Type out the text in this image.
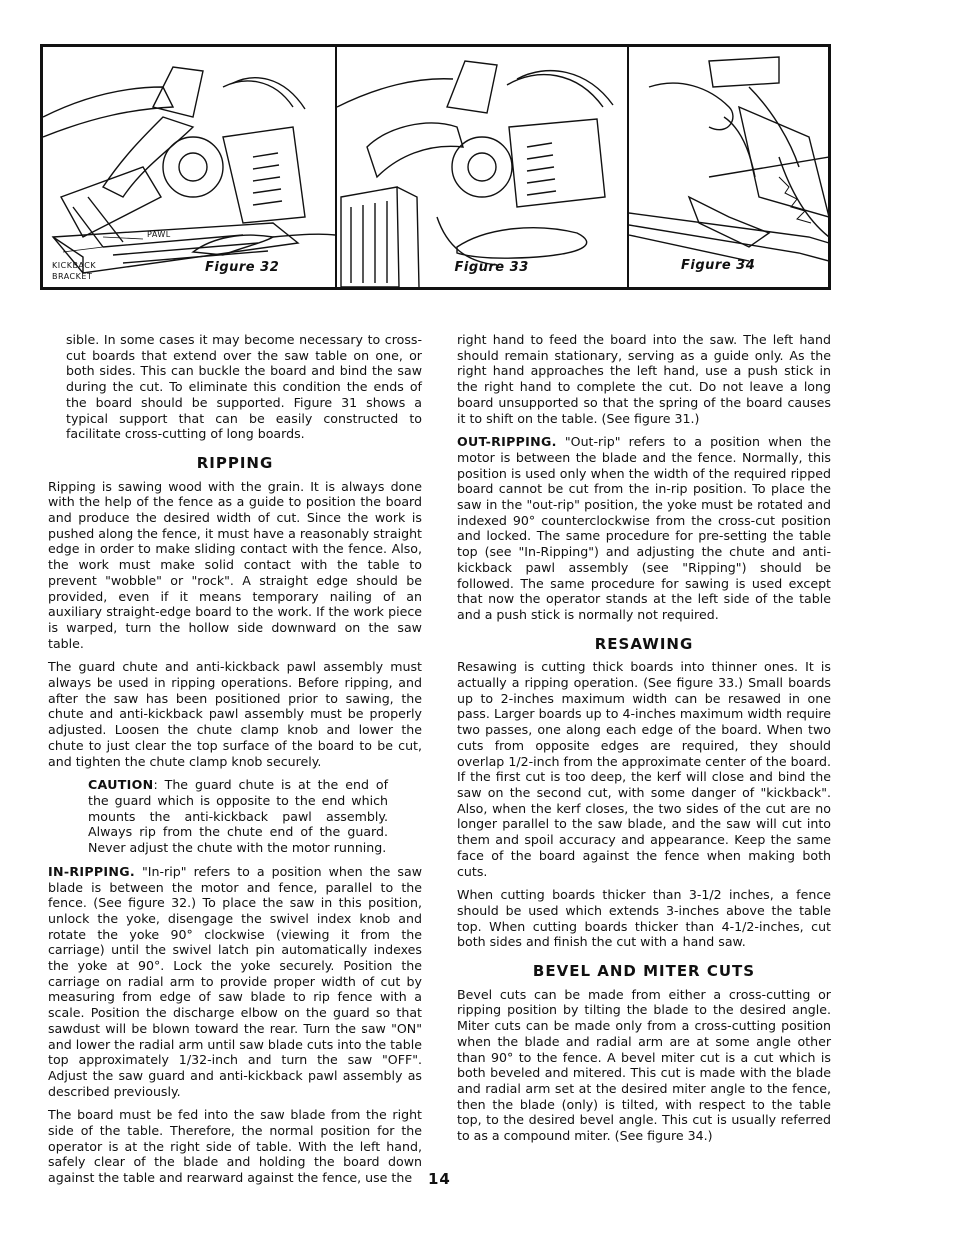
PAWL
KICKBACK
BRACKET
Figure 32	Figure 33	Figure 34

sible. In some cases it may become necessary to cross-cut boards that extend over the saw table on one, or both sides. This can buckle the board and bind the saw during the cut. To eliminate this condition the ends of the board should be supported. Figure 31 shows a typical support that can be easily constructed to facilitate cross-cutting of long boards.

RIPPING

Ripping is sawing wood with the grain. It is always done with the help of the fence as a guide to position the board and produce the desired width of cut. Since the work is pushed along the fence, it must have a reasonably straight edge in order to make sliding contact with the fence. Also, the work must make solid contact with the table to prevent "wobble" or "rock". A straight edge should be provided, even if it means temporary nailing of an auxiliary straight-edge board to the work. If the work piece is warped, turn the hollow side downward on the saw table.

The guard chute and anti-kickback pawl assembly must always be used in ripping operations. Before ripping, and after the saw has been positioned prior to sawing, the chute and anti-kickback pawl assembly must be properly adjusted. Loosen the chute clamp knob and lower the chute to just clear the top surface of the board to be cut, and tighten the chute clamp knob securely.

CAUTION: The guard chute is at the end of the guard which is opposite to the end which mounts the anti-kickback pawl assembly. Always rip from the chute end of the guard. Never adjust the chute with the motor running.

IN-RIPPING. "In-rip" refers to a position when the saw blade is between the motor and fence, parallel to the fence. (See figure 32.) To place the saw in this position, unlock the yoke, disengage the swivel index knob and rotate the yoke 90° clockwise (viewing it from the carriage) until the swivel latch pin automatically indexes the yoke at 90°. Lock the yoke securely. Position the carriage on radial arm to provide proper width of cut by measuring from edge of saw blade to rip fence with a scale. Position the discharge elbow on the guard so that sawdust will be blown toward the rear. Turn the saw "ON" and lower the radial arm until saw blade cuts into the table top approximately 1/32-inch and turn the saw "OFF". Adjust the saw guard and anti-kickback pawl assembly as described previously.

The board must be fed into the saw blade from the right side of the table. Therefore, the normal position for the operator is at the right side of table. With the left hand, safely clear of the blade and holding the board down against the table and rearward against the fence, use the

right hand to feed the board into the saw. The left hand should remain stationary, serving as a guide only. As the right hand approaches the left hand, use a push stick in the right hand to complete the cut. Do not leave a long board unsupported so that the spring of the board causes it to shift on the table. (See figure 31.)

OUT-RIPPING. "Out-rip" refers to a position when the motor is between the blade and the fence. Normally, this position is used only when the width of the required ripped board cannot be cut from the in-rip position. To place the saw in the "out-rip" position, the yoke must be rotated and indexed 90° counterclockwise from the cross-cut position and locked. The same procedure for pre-setting the table top (see "In-Ripping") and adjusting the chute and anti-kickback pawl assembly (see "Ripping") should be followed. The same procedure for sawing is used except that now the operator stands at the left side of the table and a push stick is normally not required.

RESAWING

Resawing is cutting thick boards into thinner ones. It is actually a ripping operation. (See figure 33.) Small boards up to 2-inches maximum width can be resawed in one pass. Larger boards up to 4-inches maximum width require two passes, one along each edge of the board. When two cuts from opposite edges are required, they should overlap 1/2-inch from the approximate center of the board. If the first cut is too deep, the kerf will close and bind the saw on the second cut, with some danger of "kickback". Also, when the kerf closes, the two sides of the cut are no longer parallel to the saw blade, and the saw will cut into them and spoil accuracy and appearance. Keep the same face of the board against the fence when making both cuts.

When cutting boards thicker than 3-1/2 inches, a fence should be used which extends 3-inches above the table top. When cutting boards thicker than 4-1/2-inches, cut both sides and finish the cut with a hand saw.

BEVEL AND MITER CUTS

Bevel cuts can be made from either a cross-cutting or ripping position by tilting the blade to the desired angle. Miter cuts can be made only from a cross-cutting position when the blade and radial arm are at some angle other than 90° to the fence. A bevel miter cut is a cut which is both beveled and mitered. This cut is made with the blade and radial arm set at the desired miter angle to the fence, then the blade (only) is tilted, with respect to the table top, to the desired bevel angle. This cut is usually referred to as a compound miter. (See figure 34.)

14
